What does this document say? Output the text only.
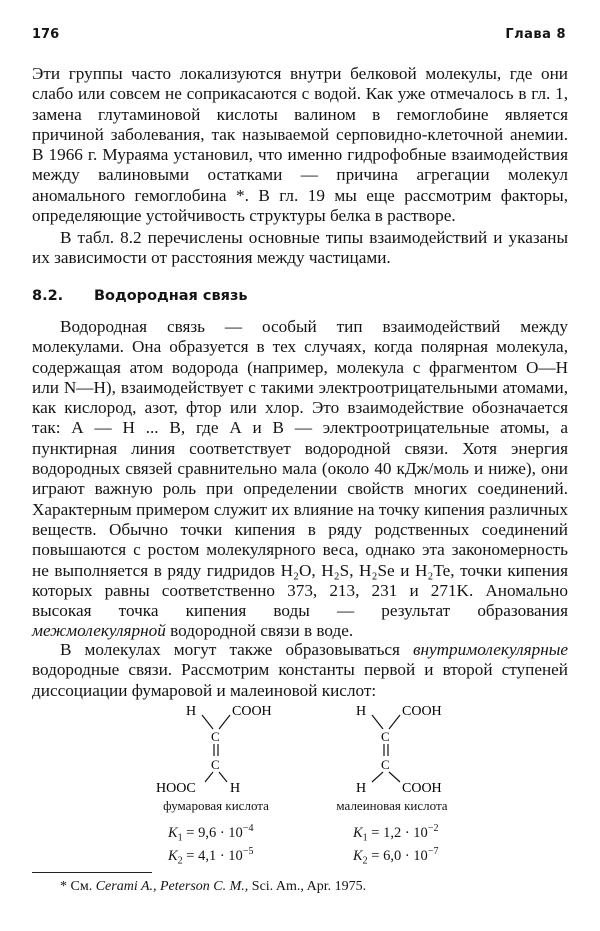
176	Глава 8

Эти группы часто локализуются внутри белковой молекулы, где они слабо или совсем не соприкасаются с водой. Как уже отмечалось в гл. 1, замена глутаминовой кислоты валином в гемоглобине является причиной заболевания, так называемой серповидно-клеточной анемии. В 1966 г. Мураяма установил, что именно гидрофобные взаимодействия между валиновыми остатками — причина агрегации молекул аномального гемоглобина *. В гл. 19 мы еще рассмотрим факторы, определяющие устойчивость структуры белка в растворе.

В табл. 8.2 перечислены основные типы взаимодействий и указаны их зависимости от расстояния между частицами.

8.2. Водородная связь

Водородная связь — особый тип взаимодействий между молекулами. Она образуется в тех случаях, когда полярная молекула, содержащая атом водорода (например, молекула с фрагментом О—Н или N—Н), взаимодействует с такими электроотрицательными атомами, как кислород, азот, фтор или хлор. Это взаимодействие обозначается так: А — Н ... В, где А и В — электроотрицательные атомы, а пунктирная линия соответствует водородной связи. Хотя энергия водородных связей сравнительно мала (около 40 кДж/моль и ниже), они играют важную роль при определении свойств многих соединений. Характерным примером служит их влияние на точку кипения различных веществ. Обычно точки кипения в ряду родственных соединений повышаются с ростом молекулярного веса, однако эта закономерность не выполняется в ряду гидридов H₂O, H₂S, H₂Se и H₂Te, точки кипения которых равны соответственно 373, 213, 231 и 271K. Аномально высокая точка кипения воды — результат образования межмолекулярной водородной связи в воде.

В молекулах могут также образовываться внутримолекулярные водородные связи. Рассмотрим константы первой и второй ступеней диссоциации фумаровой и малеиновой кислот:

H	COOH
C
C
HOOC H
H	COOH
C
C
H	COOH
фумаровая кислота	малеиновая кислота
$K_1 = 9,6 \cdot 10^{-4}$
$K_2 = 4,1 \cdot 10^{-5}$
$K_1 = 1,2 \cdot 10^{-2}$
$K_2 = 6,0 \cdot 10^{-7}$
* См. Cerami A., Peterson C. M., Sci. Am., Apr. 1975.
